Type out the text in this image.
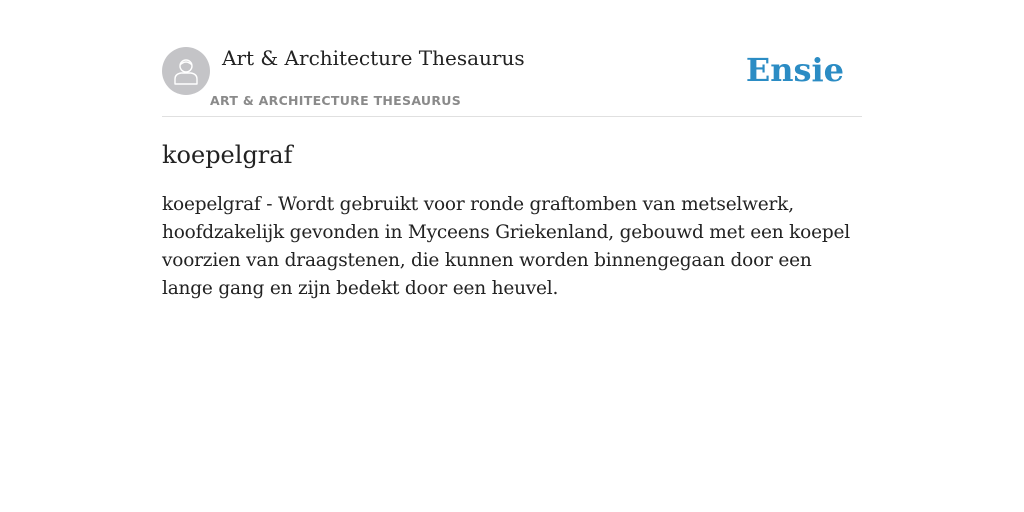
Art & Architecture Thesaurus
ART & ARCHITECTURE THESAURUS
Ensie
koepelgraf

koepelgraf - Wordt gebruikt voor ronde graftomben van metselwerk, hoofdzakelijk gevonden in Myceens Griekenland, gebouwd met een koepel voorzien van draagstenen, die kunnen worden binnengegaan door een lange gang en zijn bedekt door een heuvel.
